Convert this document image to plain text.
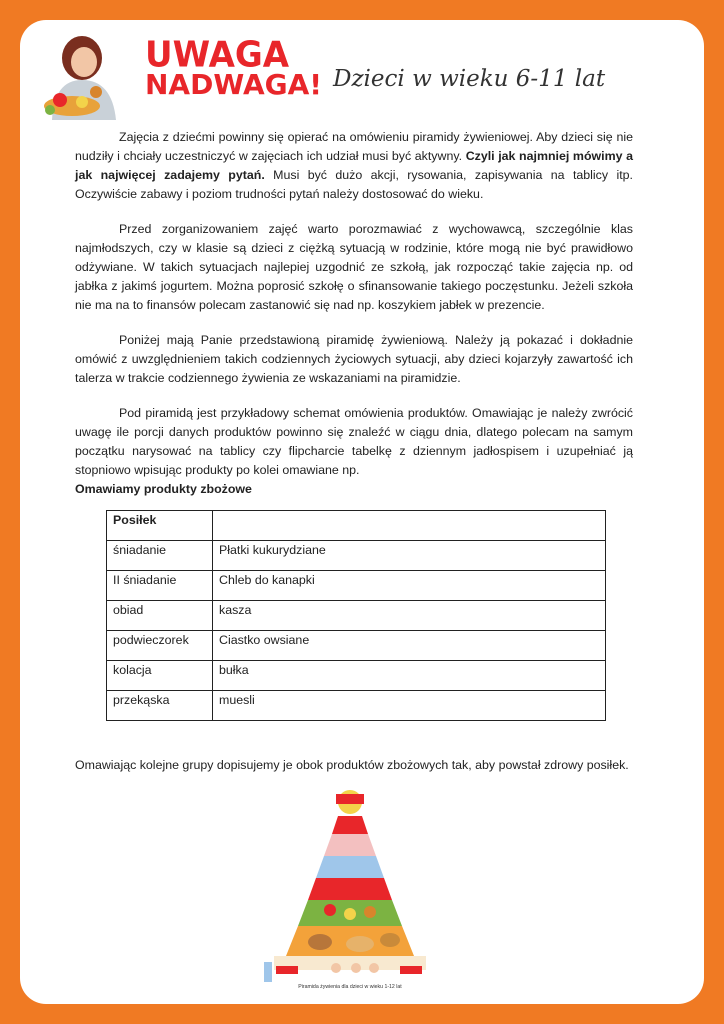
UWAGA
NADWAGA! Dzieci w wieku 6-11 lat

Zajęcia z dziećmi powinny się opierać na omówieniu piramidy żywieniowej. Aby dzieci się nie nudziły i chciały uczestniczyć w zajęciach ich udział musi być aktywny. Czyli jak najmniej mówimy a jak najwięcej zadajemy pytań. Musi być dużo akcji, rysowania, zapisywania na tablicy itp. Oczywiście zabawy i poziom trudności pytań należy dostosować do wieku.

Przed zorganizowaniem zajęć warto porozmawiać z wychowawcą, szczególnie klas najmłodszych, czy w klasie są dzieci z ciężką sytuacją w rodzinie, które mogą nie być prawidłowo odżywiane. W takich sytuacjach najlepiej uzgodnić ze szkołą, jak rozpocząć takie zajęcia np. od jabłka z jakimś jogurtem. Można poprosić szkołę o sfinansowanie takiego poczęstunku. Jeżeli szkoła nie ma na to finansów polecam zastanowić się nad np. koszykiem jabłek w prezencie.

Poniżej mają Panie przedstawioną piramidę żywieniową. Należy ją pokazać i dokładnie omówić z uwzględnieniem takich codziennych życiowych sytuacji, aby dzieci kojarzyły zawartość ich talerza w trakcie codziennego żywienia ze wskazaniami na piramidzie.

Pod piramidą jest przykładowy schemat omówienia produktów. Omawiając je należy zwrócić uwagę ile porcji danych produktów powinno się znaleźć w ciągu dnia, dlatego polecam na samym początku narysować na tablicy czy flipcharcie tabelkę z dziennym jadłospisem i uzupełniać ją stopniowo wpisując produkty po kolei omawiane np.

Omawiamy produkty zbożowe
Posiłek	
śniadanie	Płatki kukurydziane
II śniadanie	Chleb do kanapki
obiad	kasza
podwieczorek	Ciastko owsiane
kolacja	bułka
przekąska	muesli
Omawiając kolejne grupy dopisujemy je obok produktów zbożowych tak, aby powstał zdrowy posiłek.
Piramida żywienia dla dzieci w wieku 1-12 lat
